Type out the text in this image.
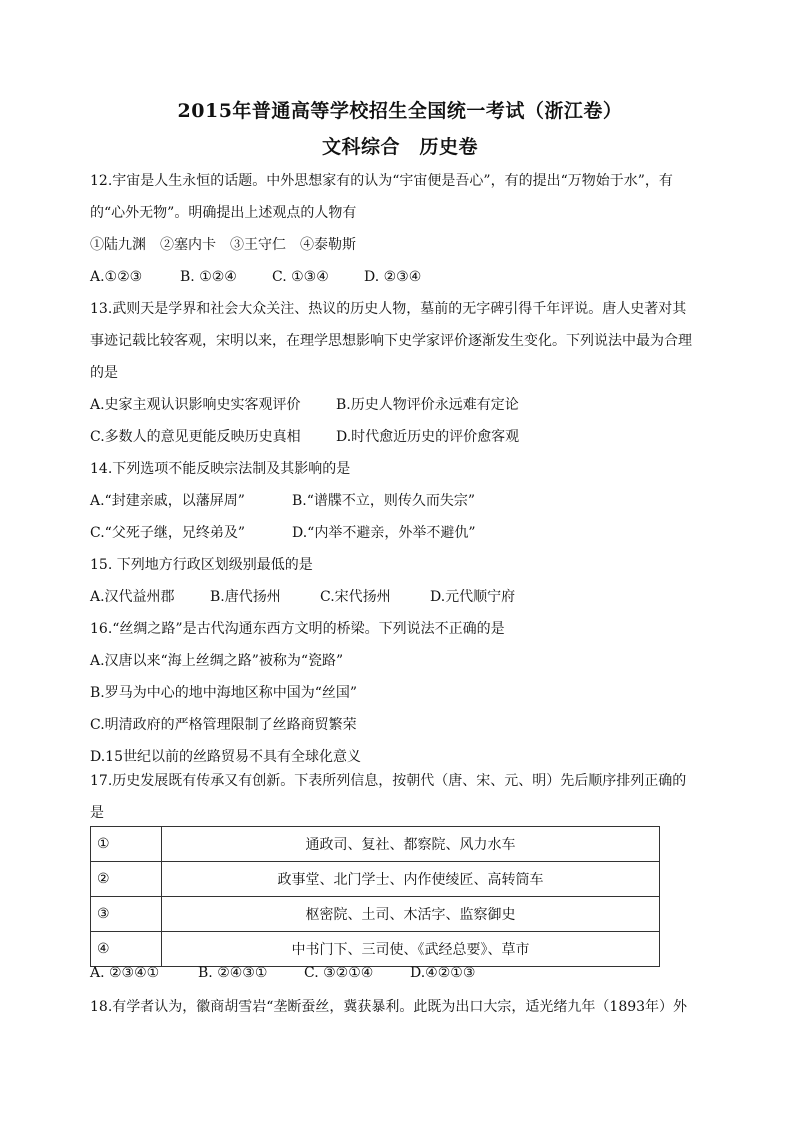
2015年普通高等学校招生全国统一考试（浙江卷）
文科综合　历史卷
12.宇宙是人生永恒的话题。中外思想家有的认为“宇宙便是吾心”，有的提出“万物始于水”，有
的“心外无物”。明确提出上述观点的人物有
①陆九渊　②塞内卡　③王守仁　④泰勒斯
A.①②③	B. ①②④	C. ①③④	D. ②③④
13.武则天是学界和社会大众关注、热议的历史人物，墓前的无字碑引得千年评说。唐人史著对其
事迹记载比较客观，宋明以来，在理学思想影响下史学家评价逐渐发生变化。下列说法中最为合理
的是
A.史家主观认识影响史实客观评价	B.历史人物评价永远难有定论
C.多数人的意见更能反映历史真相	D.时代愈近历史的评价愈客观
14.下列选项不能反映宗法制及其影响的是
A.“封建亲戚，以藩屏周”	B.“谱牒不立，则传久而失宗”
C.“父死子继，兄终弟及”	D.“内举不避亲，外举不避仇”
15. 下列地方行政区划级别最低的是
A.汉代益州郡	B.唐代扬州	C.宋代扬州	D.元代顺宁府
16.“丝绸之路”是古代沟通东西方文明的桥梁。下列说法不正确的是
A.汉唐以来“海上丝绸之路”被称为“瓷路”
B.罗马为中心的地中海地区称中国为“丝国”
C.明清政府的严格管理限制了丝路商贸繁荣
D.15世纪以前的丝路贸易不具有全球化意义
17.历史发展既有传承又有创新。下表所列信息，按朝代（唐、宋、元、明）先后顺序排列正确的
是
①	通政司、复社、都察院、风力水车
②	政事堂、北门学士、内作使绫匠、高转筒车
③	枢密院、土司、木活字、监察御史
④	中书门下、三司使、《武经总要》、草市
A. ②③④①	B. ②④③①	C. ③②①④	D.④②①③
18.有学者认为，徽商胡雪岩“垄断蚕丝，冀获暴利。此既为出口大宗，适光绪九年（1893年）外
